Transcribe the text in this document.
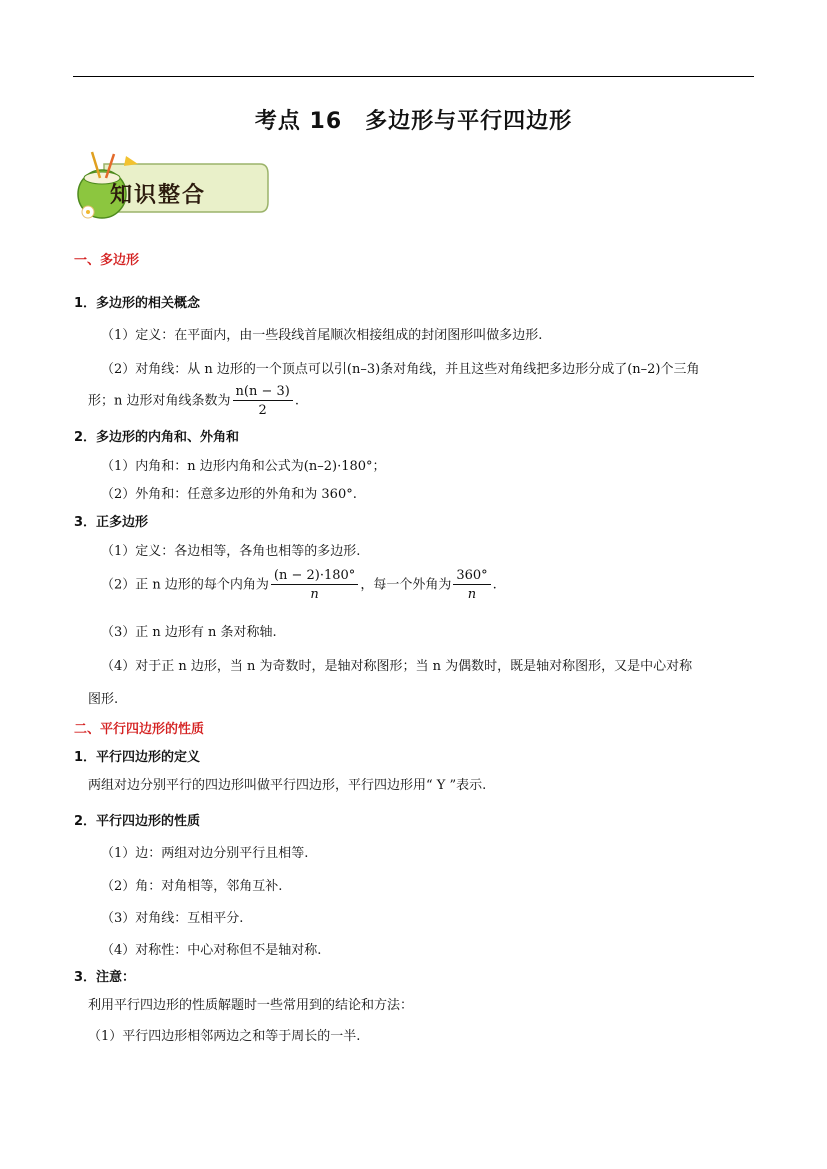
考点 16　多边形与平行四边形
知识整合
一、多边形
1．多边形的相关概念
（1）定义：在平面内，由一些段线首尾顺次相接组成的封闭图形叫做多边形.
（2）对角线：从 n 边形的一个顶点可以引(n–3)条对角线，并且这些对角线把多边形分成了(n–2)个三角
形；n 边形对角线条数为 $\frac{n(n - 3)}{2}$ .
2．多边形的内角和、外角和
（1）内角和：n 边形内角和公式为(n–2)·180°；
（2）外角和：任意多边形的外角和为 360°.
3．正多边形
（1）定义：各边相等，各角也相等的多边形.
（2）正 n 边形的每个内角为 $\frac{(n - 2)\cdot 180^\circ}{n}$ ，每一个外角为 $\frac{360^\circ}{n}$ .
（3）正 n 边形有 n 条对称轴.
（4）对于正 n 边形，当 n 为奇数时，是轴对称图形；当 n 为偶数时，既是轴对称图形，又是中心对称
图形.
二、平行四边形的性质
1．平行四边形的定义
两组对边分别平行的四边形叫做平行四边形，平行四边形用“ Y ”表示.
2．平行四边形的性质
（1）边：两组对边分别平行且相等.
（2）角：对角相等，邻角互补.
（3）对角线：互相平分.
（4）对称性：中心对称但不是轴对称.
3．注意：
利用平行四边形的性质解题时一些常用到的结论和方法：
（1）平行四边形相邻两边之和等于周长的一半.
